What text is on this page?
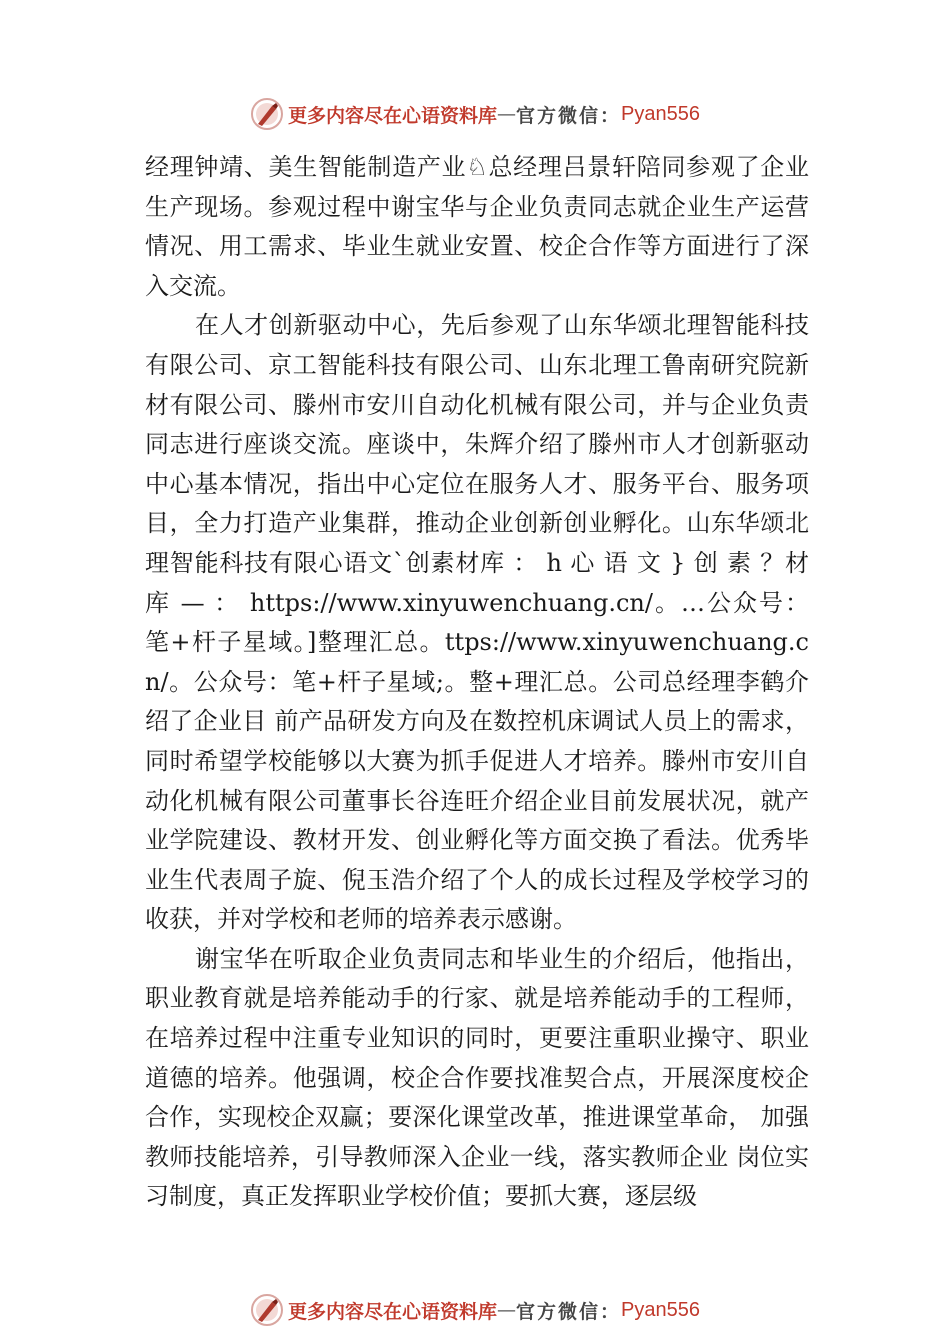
更多内容尽在心语资料库 — 官方微信： Pyan556

经理钟靖、美生智能制造产业♘总经理吕景轩陪同参观了企业生产现场。参观过程中谢宝华与企业负责同志就企业生产运营情况、用工需求、毕业生就业安置、校企合作等方面进行了深入交流。

在人才创新驱动中心，先后参观了山东华颂北理智能科技有限公司、京工智能科技有限公司、山东北理工鲁南研究院新材有限公司、滕州市安川自动化机械有限公司，并与企业负责同志进行座谈交流。座谈中，朱辉介绍了滕州市人才创新驱动中心基本情况，指出中心定位在服务人才、服务平台、服务项目，全力打造产业集群，推动企业创新创业孵化。山东华颂北理智能科技有限心语文`创素材库 ： h 心 语 文 } 创 素 ？材 库 — ： https://www.xinyuwenchuang.cn/。…公众号：笔+杆子星域。]整理汇总。ttps://www.xinyuwenchuang.cn/。公众号：笔+杆子星域;。整+理汇总。公司总经理李鹤介绍了企业目 前产品研发方向及在数控机床调试人员上的需求，同时希望学校能够以大赛为抓手促进人才培养。滕州市安川自动化机械有限公司董事长谷连旺介绍企业目前发展状况，就产业学院建设、教材开发、创业孵化等方面交换了看法。优秀毕业生代表周子旋、倪玉浩介绍了个人的成长过程及学校学习的收获，并对学校和老师的培养表示感谢。

谢宝华在听取企业负责同志和毕业生的介绍后，他指出，职业教育就是培养能动手的行家、就是培养能动手的工程师，在培养过程中注重专业知识的同时，更要注重职业操守、职业道德的培养。他强调，校企合作要找准契合点，开展深度校企合作，实现校企双赢；要深化课堂改革，推进课堂革命， 加强教师技能培养，引导教师深入企业一线，落实教师企业 岗位实习制度，真正发挥职业学校价值；要抓大赛，逐层级

更多内容尽在心语资料库 — 官方微信： Pyan556
